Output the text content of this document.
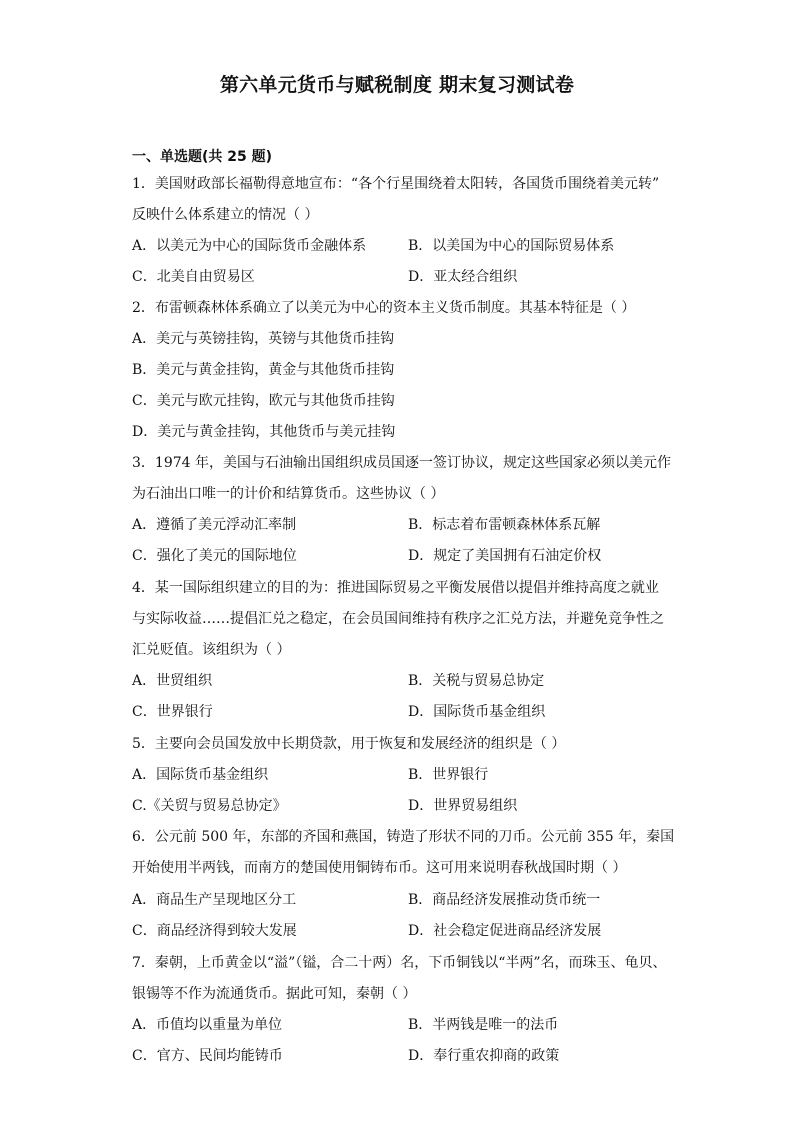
第六单元货币与赋税制度 期末复习测试卷
一、单选题(共 25 题)
1．美国财政部长福勒得意地宣布：“各个行星围绕着太阳转，各国货币围绕着美元转”
反映什么体系建立的情况（ ）
A．以美元为中心的国际货币金融体系	B．以美国为中心的国际贸易体系
C．北美自由贸易区	D．亚太经合组织
2．布雷顿森林体系确立了以美元为中心的资本主义货币制度。其基本特征是（ ）
A．美元与英镑挂钩，英镑与其他货币挂钩
B．美元与黄金挂钩，黄金与其他货币挂钩
C．美元与欧元挂钩，欧元与其他货币挂钩
D．美元与黄金挂钩，其他货币与美元挂钩
3．1974 年，美国与石油输出国组织成员国逐一签订协议，规定这些国家必须以美元作
为石油出口唯一的计价和结算货币。这些协议（ ）
A．遵循了美元浮动汇率制	B．标志着布雷顿森林体系瓦解
C．强化了美元的国际地位	D．规定了美国拥有石油定价权
4．某一国际组织建立的目的为：推进国际贸易之平衡发展借以提倡并维持高度之就业
与实际收益……提倡汇兑之稳定，在会员国间维持有秩序之汇兑方法，并避免竞争性之
汇兑贬值。该组织为（ ）
A．世贸组织	B．关税与贸易总协定
C．世界银行	D．国际货币基金组织
5．主要向会员国发放中长期贷款，用于恢复和发展经济的组织是（ ）
A．国际货币基金组织	B．世界银行
C.《关贸与贸易总协定》	D．世界贸易组织
6．公元前 500 年，东部的齐国和燕国，铸造了形状不同的刀币。公元前 355 年，秦国
开始使用半两钱，而南方的楚国使用铜铸布币。这可用来说明春秋战国时期（ ）
A．商品生产呈现地区分工	B．商品经济发展推动货币统一
C．商品经济得到较大发展	D．社会稳定促进商品经济发展
7．秦朝，上币黄金以“溢”（镒，合二十两）名，下币铜钱以“半两”名，而珠玉、龟贝、
银锡等不作为流通货币。据此可知，秦朝（ ）
A．币值均以重量为单位	B．半两钱是唯一的法币
C．官方、民间均能铸币	D．奉行重农抑商的政策
